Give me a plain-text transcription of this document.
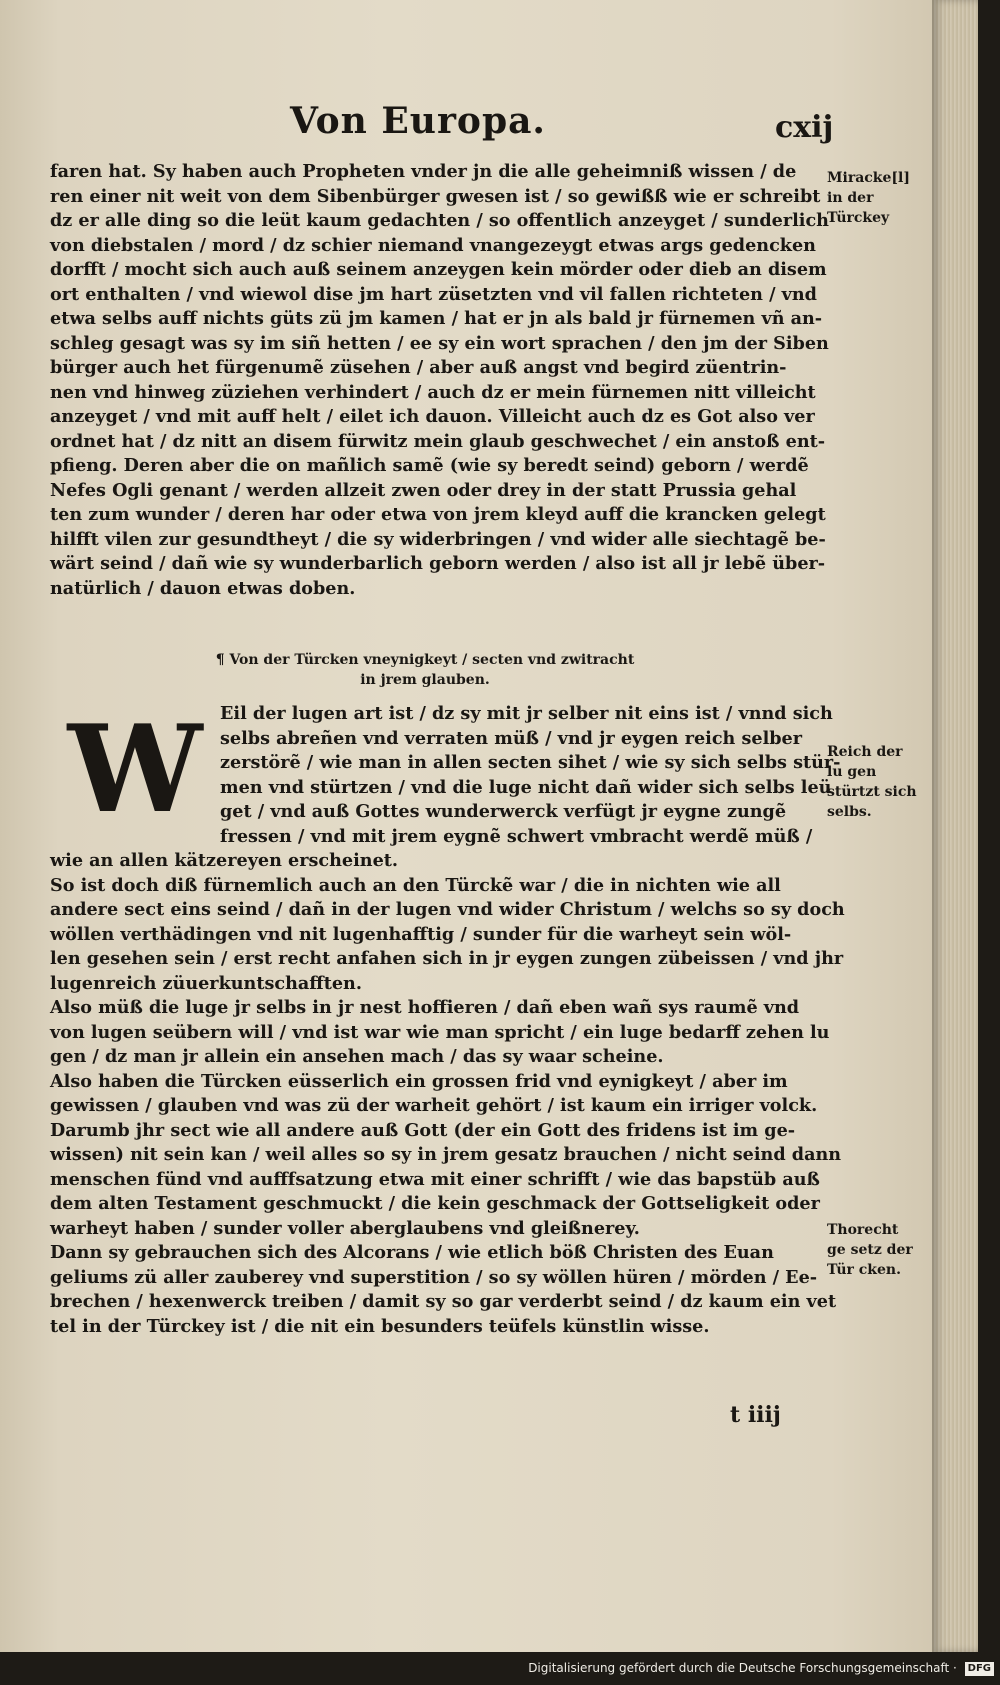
Von Europa.	cxij

faren hat. Sy haben auch Propheten vnder jn die alle geheimniß wissen / de

ren einer nit weit von dem Sibenbürger gwesen ist / so gewißß wie er schreibt

dz er alle ding so die leüt kaum gedachten / so offentlich anzeyget / sunderlich

von diebstalen / mord / dz schier niemand vnangezeygt etwas args gedencken

dorfft / mocht sich auch auß seinem anzeygen kein mörder oder dieb an disem

ort enthalten / vnd wiewol dise jm hart züsetzten vnd vil fallen richteten / vnd

etwa selbs auff nichts güts zü jm kamen / hat er jn als bald jr fürnemen vñ an-

schleg gesagt was sy im siñ hetten / ee sy ein wort sprachen / den jm der Siben

bürger auch het fürgenumẽ züsehen / aber auß angst vnd begird züentrin-

nen vnd hinweg züziehen verhindert / auch dz er mein fürnemen nitt villeicht

anzeyget / vnd mit auff helt / eilet ich dauon. Villeicht auch dz es Got also ver

ordnet hat / dz nitt an disem fürwitz mein glaub geschwechet / ein anstoß ent-

pfieng. Deren aber die on mañlich samẽ (wie sy beredt seind) geborn / werdẽ

Nefes Ogli genant / werden allzeit zwen oder drey in der statt Prussia gehal

ten zum wunder / deren har oder etwa von jrem kleyd auff die krancken gelegt

hilfft vilen zur gesundtheyt / die sy widerbringen / vnd wider alle siechtagẽ be-

wärt seind / dañ wie sy wunderbarlich geborn werden / also ist all jr lebẽ über-

natürlich / dauon etwas doben.

¶ Von der Türcken vneynigkeyt / secten vnd zwitracht
in jrem glauben.
W	Eil der lugen art ist / dz sy mit jr selber nit eins ist / vnnd sich

selbs abreñen vnd verraten müß / vnd jr eygen reich selber

zerstörẽ / wie man in allen secten sihet / wie sy sich selbs stür-

men vnd stürtzen / vnd die luge nicht dañ wider sich selbs leü

get / vnd auß Gottes wunderwerck verfügt jr eygne zungẽ

fressen / vnd mit jrem eygnẽ schwert vmbracht werdẽ müß /

wie an allen kätzereyen erscheinet.

So ist doch diß fürnemlich auch an den Türckẽ war / die in nichten wie all

andere sect eins seind / dañ in der lugen vnd wider Christum / welchs so sy doch

wöllen verthädingen vnd nit lugenhafftig / sunder für die warheyt sein wöl-

len gesehen sein / erst recht anfahen sich in jr eygen zungen zübeissen / vnd jhr

lugenreich züuerkuntschafften.

Also müß die luge jr selbs in jr nest hoffieren / dañ eben wañ sys raumẽ vnd

von lugen seübern will / vnd ist war wie man spricht / ein luge bedarff zehen lu

gen / dz man jr allein ein ansehen mach / das sy waar scheine.

Also haben die Türcken eüsserlich ein grossen frid vnd eynigkeyt / aber im

gewissen / glauben vnd was zü der warheit gehört / ist kaum ein irriger volck.

Darumb jhr sect wie all andere auß Gott (der ein Gott des fridens ist im ge-

wissen) nit sein kan / weil alles so sy in jrem gesatz brauchen / nicht seind dann

menschen fünd vnd aufffsatzung etwa mit einer schrifft / wie das bapstüb auß

dem alten Testament geschmuckt / die kein geschmack der Gottseligkeit oder

warheyt haben / sunder voller aberglaubens vnd gleißnerey.

Dann sy gebrauchen sich des Alcorans / wie etlich böß Christen des Euan

geliums zü aller zauberey vnd superstition / so sy wöllen hüren / mörden / Ee-

brechen / hexenwerck treiben / damit sy so gar verderbt seind / dz kaum ein vet

tel in der Türckey ist / die nit ein besunders teüfels künstlin wisse.

Miracke[l] in der Türckey
Reich der lu gen stürtzt sich selbs.
Thorecht ge setz der Tür cken.
t iiij
Digitalisierung gefördert durch die Deutsche Forschungsgemeinschaft · DFG
